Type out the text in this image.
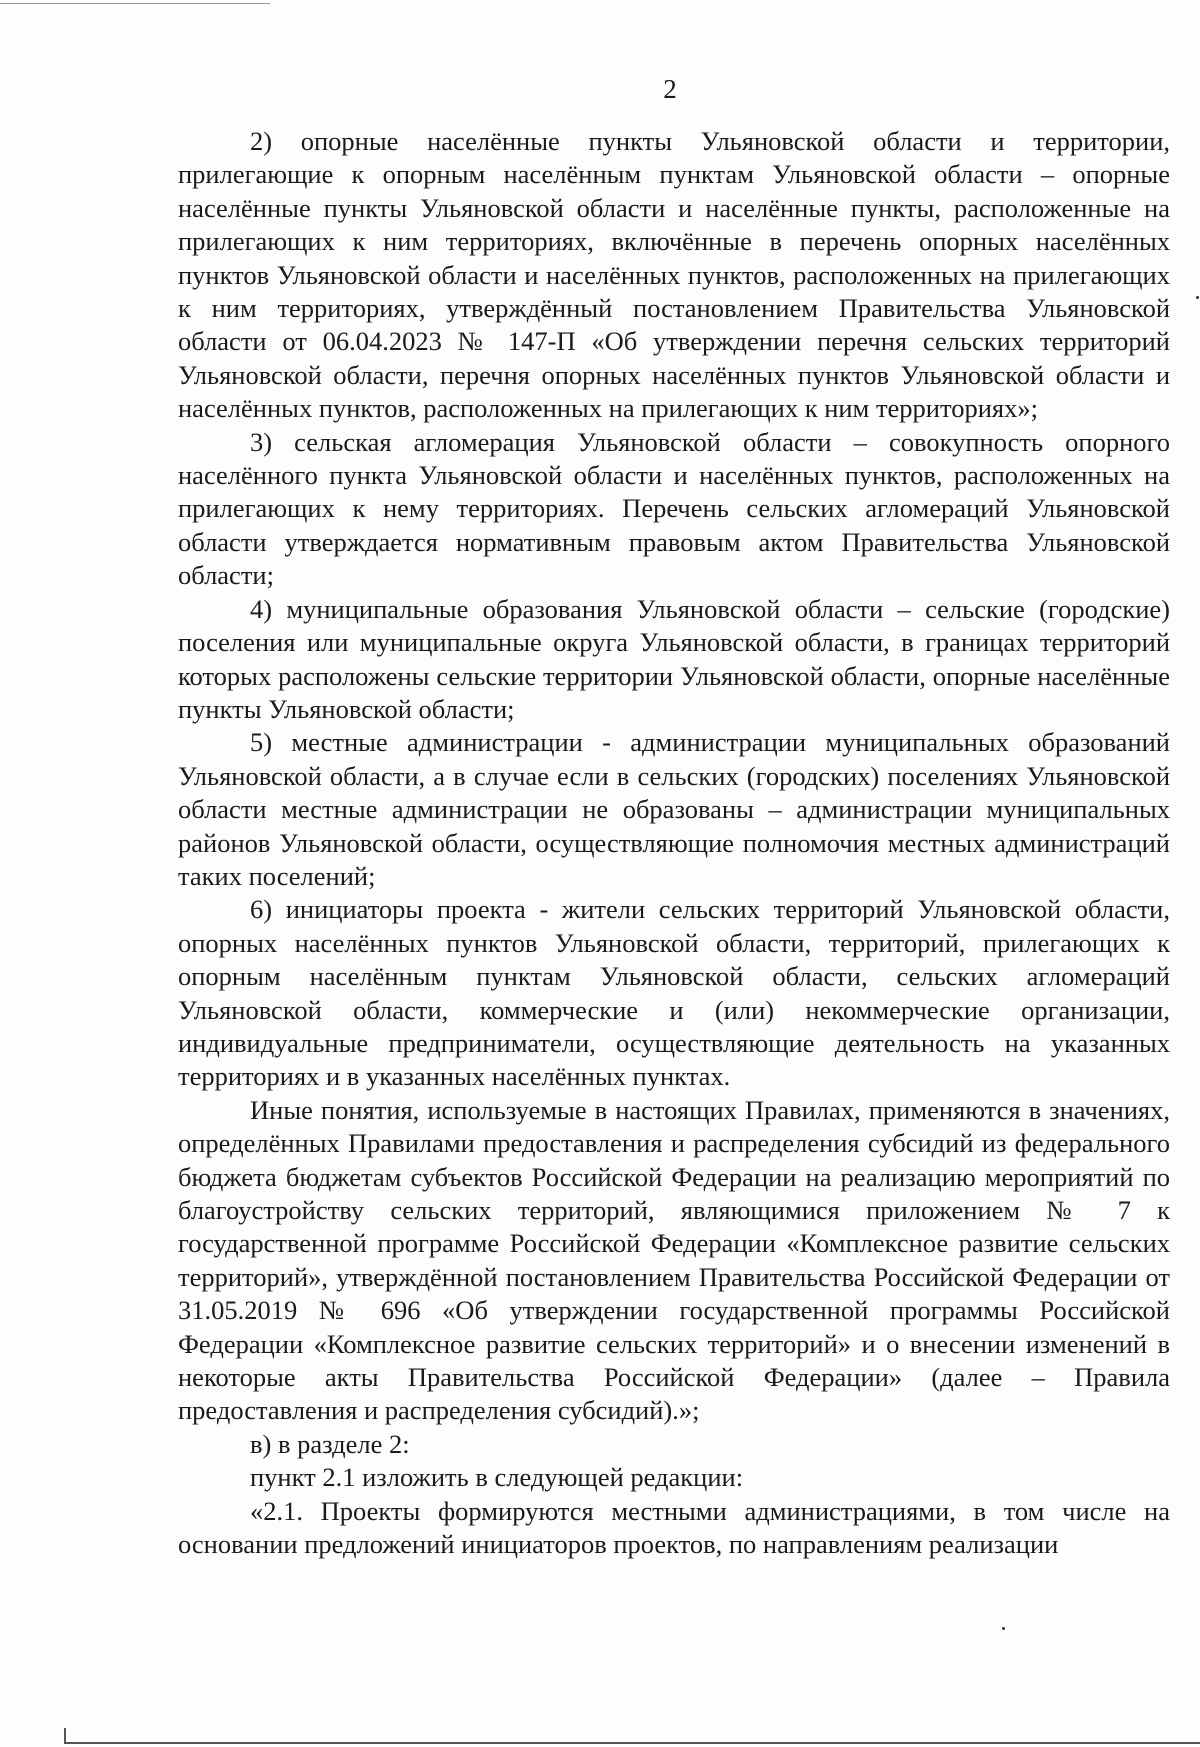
2

2) опорные населённые пункты Ульяновской области и территории, прилегающие к опорным населённым пунктам Ульяновской области – опорные населённые пункты Ульяновской области и населённые пункты, расположенные на прилегающих к ним территориях, включённые в перечень опорных населённых пунктов Ульяновской области и населённых пунктов, расположенных на прилегающих к ним территориях, утверждённый постановлением Правительства Ульяновской области от 06.04.2023 № 147-П «Об утверждении перечня сельских территорий Ульяновской области, перечня опорных населённых пунктов Ульяновской области и населённых пунктов, расположенных на прилегающих к ним территориях»;

3) сельская агломерация Ульяновской области – совокупность опорного населённого пункта Ульяновской области и населённых пунктов, расположенных на прилегающих к нему территориях. Перечень сельских агломераций Ульяновской области утверждается нормативным правовым актом Правительства Ульяновской области;

4) муниципальные образования Ульяновской области – сельские (городские) поселения или муниципальные округа Ульяновской области, в границах территорий которых расположены сельские территории Ульяновской области, опорные населённые пункты Ульяновской области;

5) местные администрации - администрации муниципальных образований Ульяновской области, а в случае если в сельских (городских) поселениях Ульяновской области местные администрации не образованы – администрации муниципальных районов Ульяновской области, осуществляющие полномочия местных администраций таких поселений;

6) инициаторы проекта - жители сельских территорий Ульяновской области, опорных населённых пунктов Ульяновской области, территорий, прилегающих к опорным населённым пунктам Ульяновской области, сельских агломераций Ульяновской области, коммерческие и (или) некоммерческие организации, индивидуальные предприниматели, осуществляющие деятельность на указанных территориях и в указанных населённых пунктах.

Иные понятия, используемые в настоящих Правилах, применяются в значениях, определённых Правилами предоставления и распределения субсидий из федерального бюджета бюджетам субъектов Российской Федерации на реализацию мероприятий по благоустройству сельских территорий, являющимися приложением № 7 к государственной программе Российской Федерации «Комплексное развитие сельских территорий», утверждённой постановлением Правительства Российской Федерации от 31.05.2019 № 696 «Об утверждении государственной программы Российской Федерации «Комплексное развитие сельских территорий» и о внесении изменений в некоторые акты Правительства Российской Федерации» (далее – Правила предоставления и распределения субсидий).»;

в) в разделе 2:

пункт 2.1 изложить в следующей редакции:

«2.1. Проекты формируются местными администрациями, в том числе на основании предложений инициаторов проектов, по направлениям реализации
